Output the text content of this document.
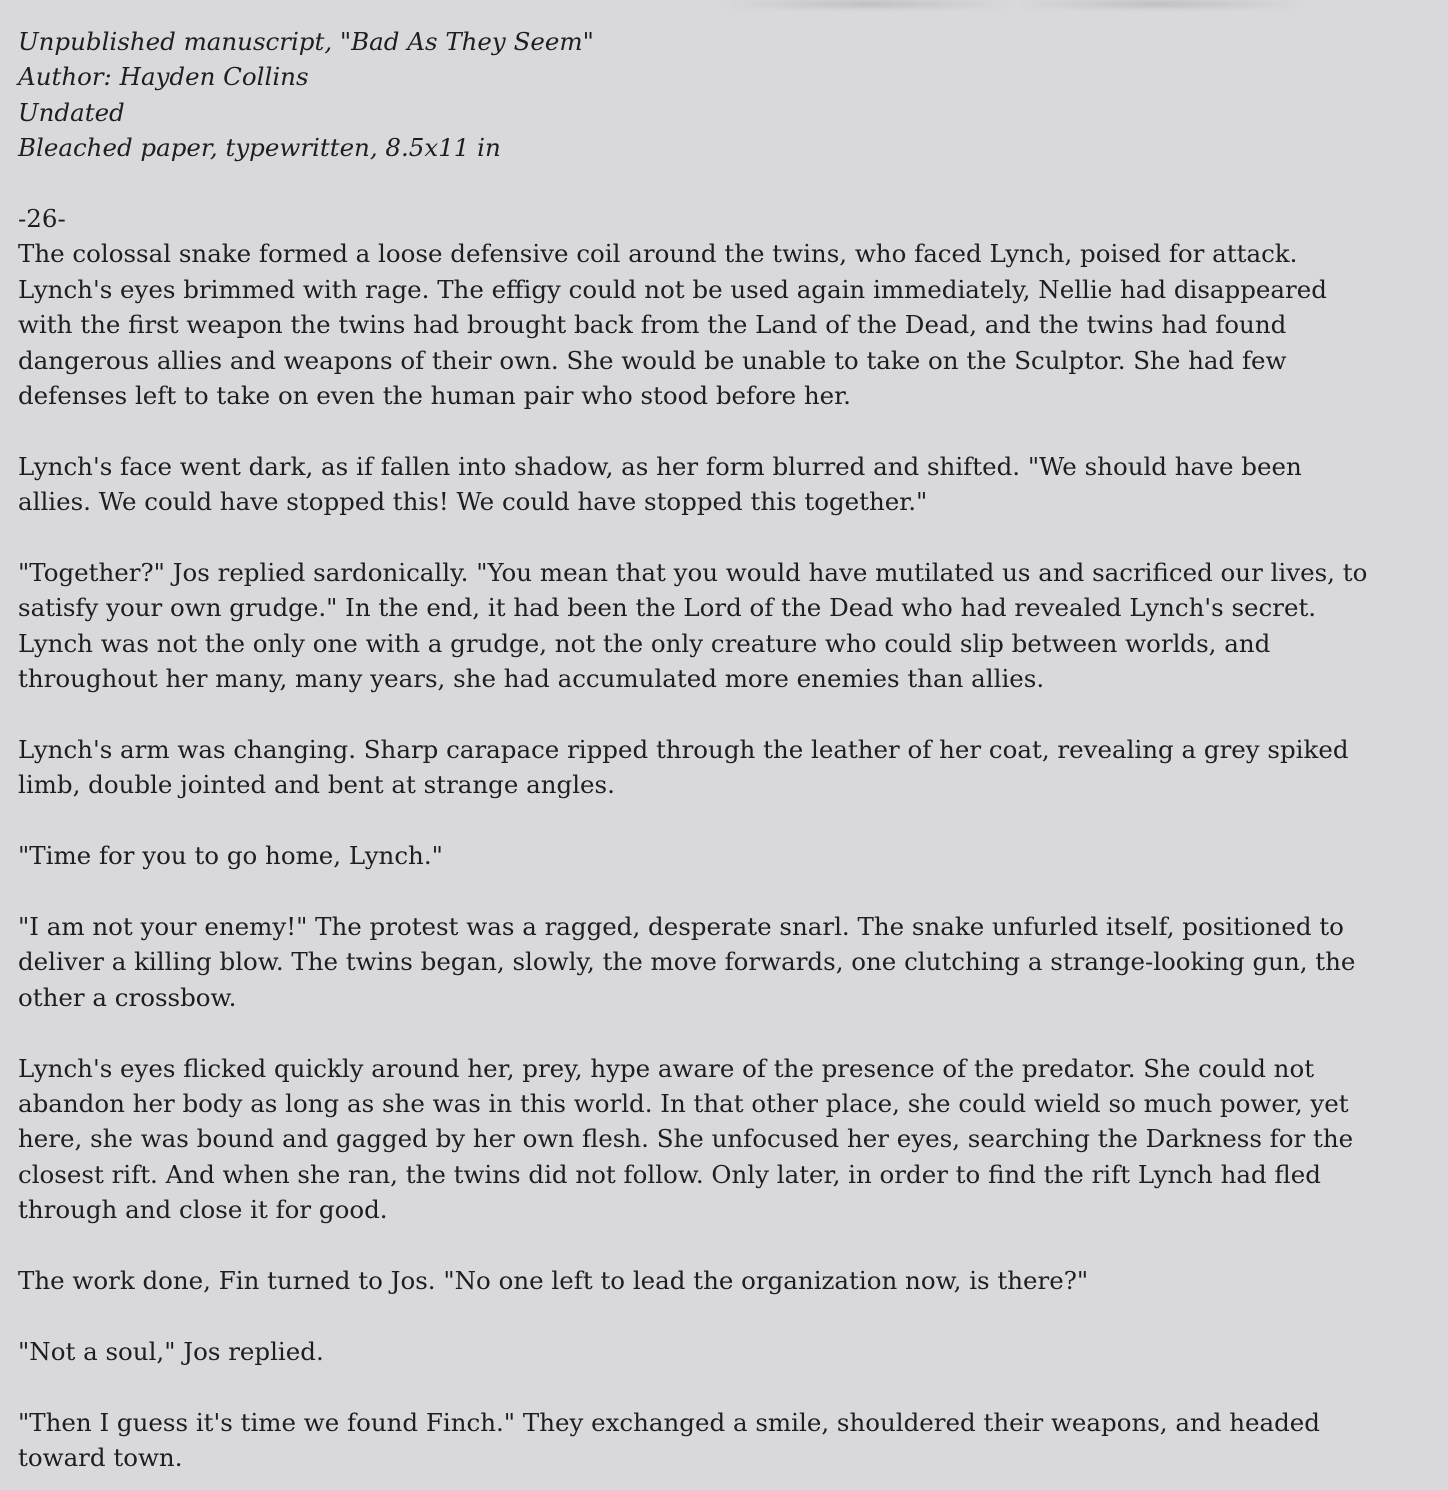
Unpublished manuscript, "Bad As They Seem"
Author: Hayden Collins
Undated
Bleached paper, typewritten, 8.5x11 in
-26-

The colossal snake formed a loose defensive coil around the twins, who faced Lynch, poised for attack. Lynch's eyes brimmed with rage. The effigy could not be used again immediately, Nellie had disappeared with the first weapon the twins had brought back from the Land of the Dead, and the twins had found dangerous allies and weapons of their own. She would be unable to take on the Sculptor. She had few defenses left to take on even the human pair who stood before her.

Lynch's face went dark, as if fallen into shadow, as her form blurred and shifted. "We should have been allies. We could have stopped this! We could have stopped this together."

"Together?" Jos replied sardonically. "You mean that you would have mutilated us and sacrificed our lives, to satisfy your own grudge." In the end, it had been the Lord of the Dead who had revealed Lynch's secret. Lynch was not the only one with a grudge, not the only creature who could slip between worlds, and throughout her many, many years, she had accumulated more enemies than allies.

Lynch's arm was changing. Sharp carapace ripped through the leather of her coat, revealing a grey spiked limb, double jointed and bent at strange angles.

"Time for you to go home, Lynch."

"I am not your enemy!" The protest was a ragged, desperate snarl. The snake unfurled itself, positioned to deliver a killing blow. The twins began, slowly, the move forwards, one clutching a strange-looking gun, the other a crossbow.

Lynch's eyes flicked quickly around her, prey, hype aware of the presence of the predator. She could not abandon her body as long as she was in this world. In that other place, she could wield so much power, yet here, she was bound and gagged by her own flesh. She unfocused her eyes, searching the Darkness for the closest rift. And when she ran, the twins did not follow. Only later, in order to find the rift Lynch had fled through and close it for good.

The work done, Fin turned to Jos. "No one left to lead the organization now, is there?"

"Not a soul," Jos replied.

"Then I guess it's time we found Finch." They exchanged a smile, shouldered their weapons, and headed toward town.
